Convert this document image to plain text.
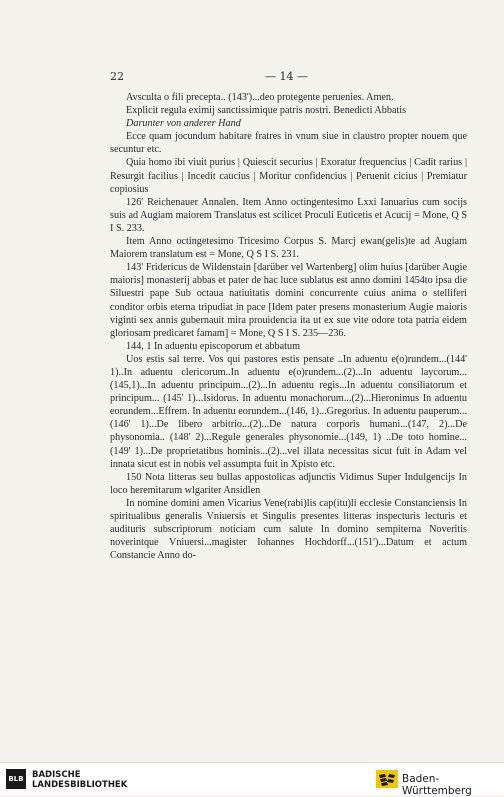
22	— 14 —

Avscultа o fili precepta.. (143')...deo protegente peruenies. Amen.

Explicit regula eximij sanctissimique patris nostri. Benedicti Abbatis

Darunter von anderer Hand

Ecce quam jocundum habitare fratres in vnum siue in claustro propter nouem que secuntur etc.

Quia homo ibi viuit purius | Quiescit securius | Exoratur frequencius | Cadit rarius | Resurgit facilius | Incedit caucius | Moritur confidencius | Peruenit cicius | Premiatur copiosius

126' Reichenauer Annalen. Item Anno octingentesimo Lxxi Ianuarius cum socijs suis ad Augiam maiorem Translatus est scilicet Proculi Euticetis et Acucij = Mone, Q S I S. 233.

Item Anno octingetesimo Tricesimo Corpus S. Marcj ewan(gelis)te ad Augiam Maiorem translatum est = Mone, Q S I S. 231.

143' Fridericus de Wildenstain [darüber vel Wartenberg] olim huius [darüber Augie maioris] monasterij abbas et pater de hac luce sublatus est anno domini 1454to ipsa die Siluestri pape Sub octaua natiuitatis domini concurrente cuius anima o stelliferi conditor orbis eterna tripudiat in pace [Idem pater presens monasterium Augie maioris viginti sex annis gubernauit mira prouidencia ita ut ex sue vite odore tota patria eidem gloriosam predicaret famam] = Mone, Q S I S. 235—236.

144, 1 In aduentu episcoporum et abbatum

Uos estis sal terre. Vos qui pastores estis pensate ..In aduentu e(o)rundem...(144' 1)..In aduentu clericorum..In aduentu e(o)rundem...(2)...In aduentu laycorum...(145,1)...In aduentu principum...(2)...In aduentu regis...In aduentu consiliatorum et principum... (145' 1)...Isidorus. In aduentu monachorum...(2)...Hieronimus In aduentu eorundem...Effrem. In aduentu eorundem...(146, 1)...Gregorius. In aduentu pauperum...(146' 1)...De libero arbitrio...(2)...De natura corporis humani...(147, 2)...De physonomia.. (148' 2)...Regule generales physonomie...(149, 1) ..De toto homine...(149' 1)...De proprietatibus hominis...(2)...vel illata necessitas sicut fuit in Adam vel innata sicut est in nobis vel assumpta fuit in Xpisto etc.

150 Nota litteras seu bullas appostolicas adjunctis Vidimus Super Indulgencijs In loco heremitarum wlgariter Ansidlen

In nomine domini amen Vicarius Vene(rabi)lis cap(itu)li ecclesie Constanciensis In spiritualibus generalis Vniuersis et Singulis presentes litteras inspecturis lecturis et audituris subscriptorum noticiam cum salute In domino sempiterna Noveritis noverintque Vniuersi...magister Iohannes Hochdorff...(151')...Datum et actum Constancie Anno do-

BLB BADISCHE
LANDESBIBLIOTHEK	Baden-Württemberg
